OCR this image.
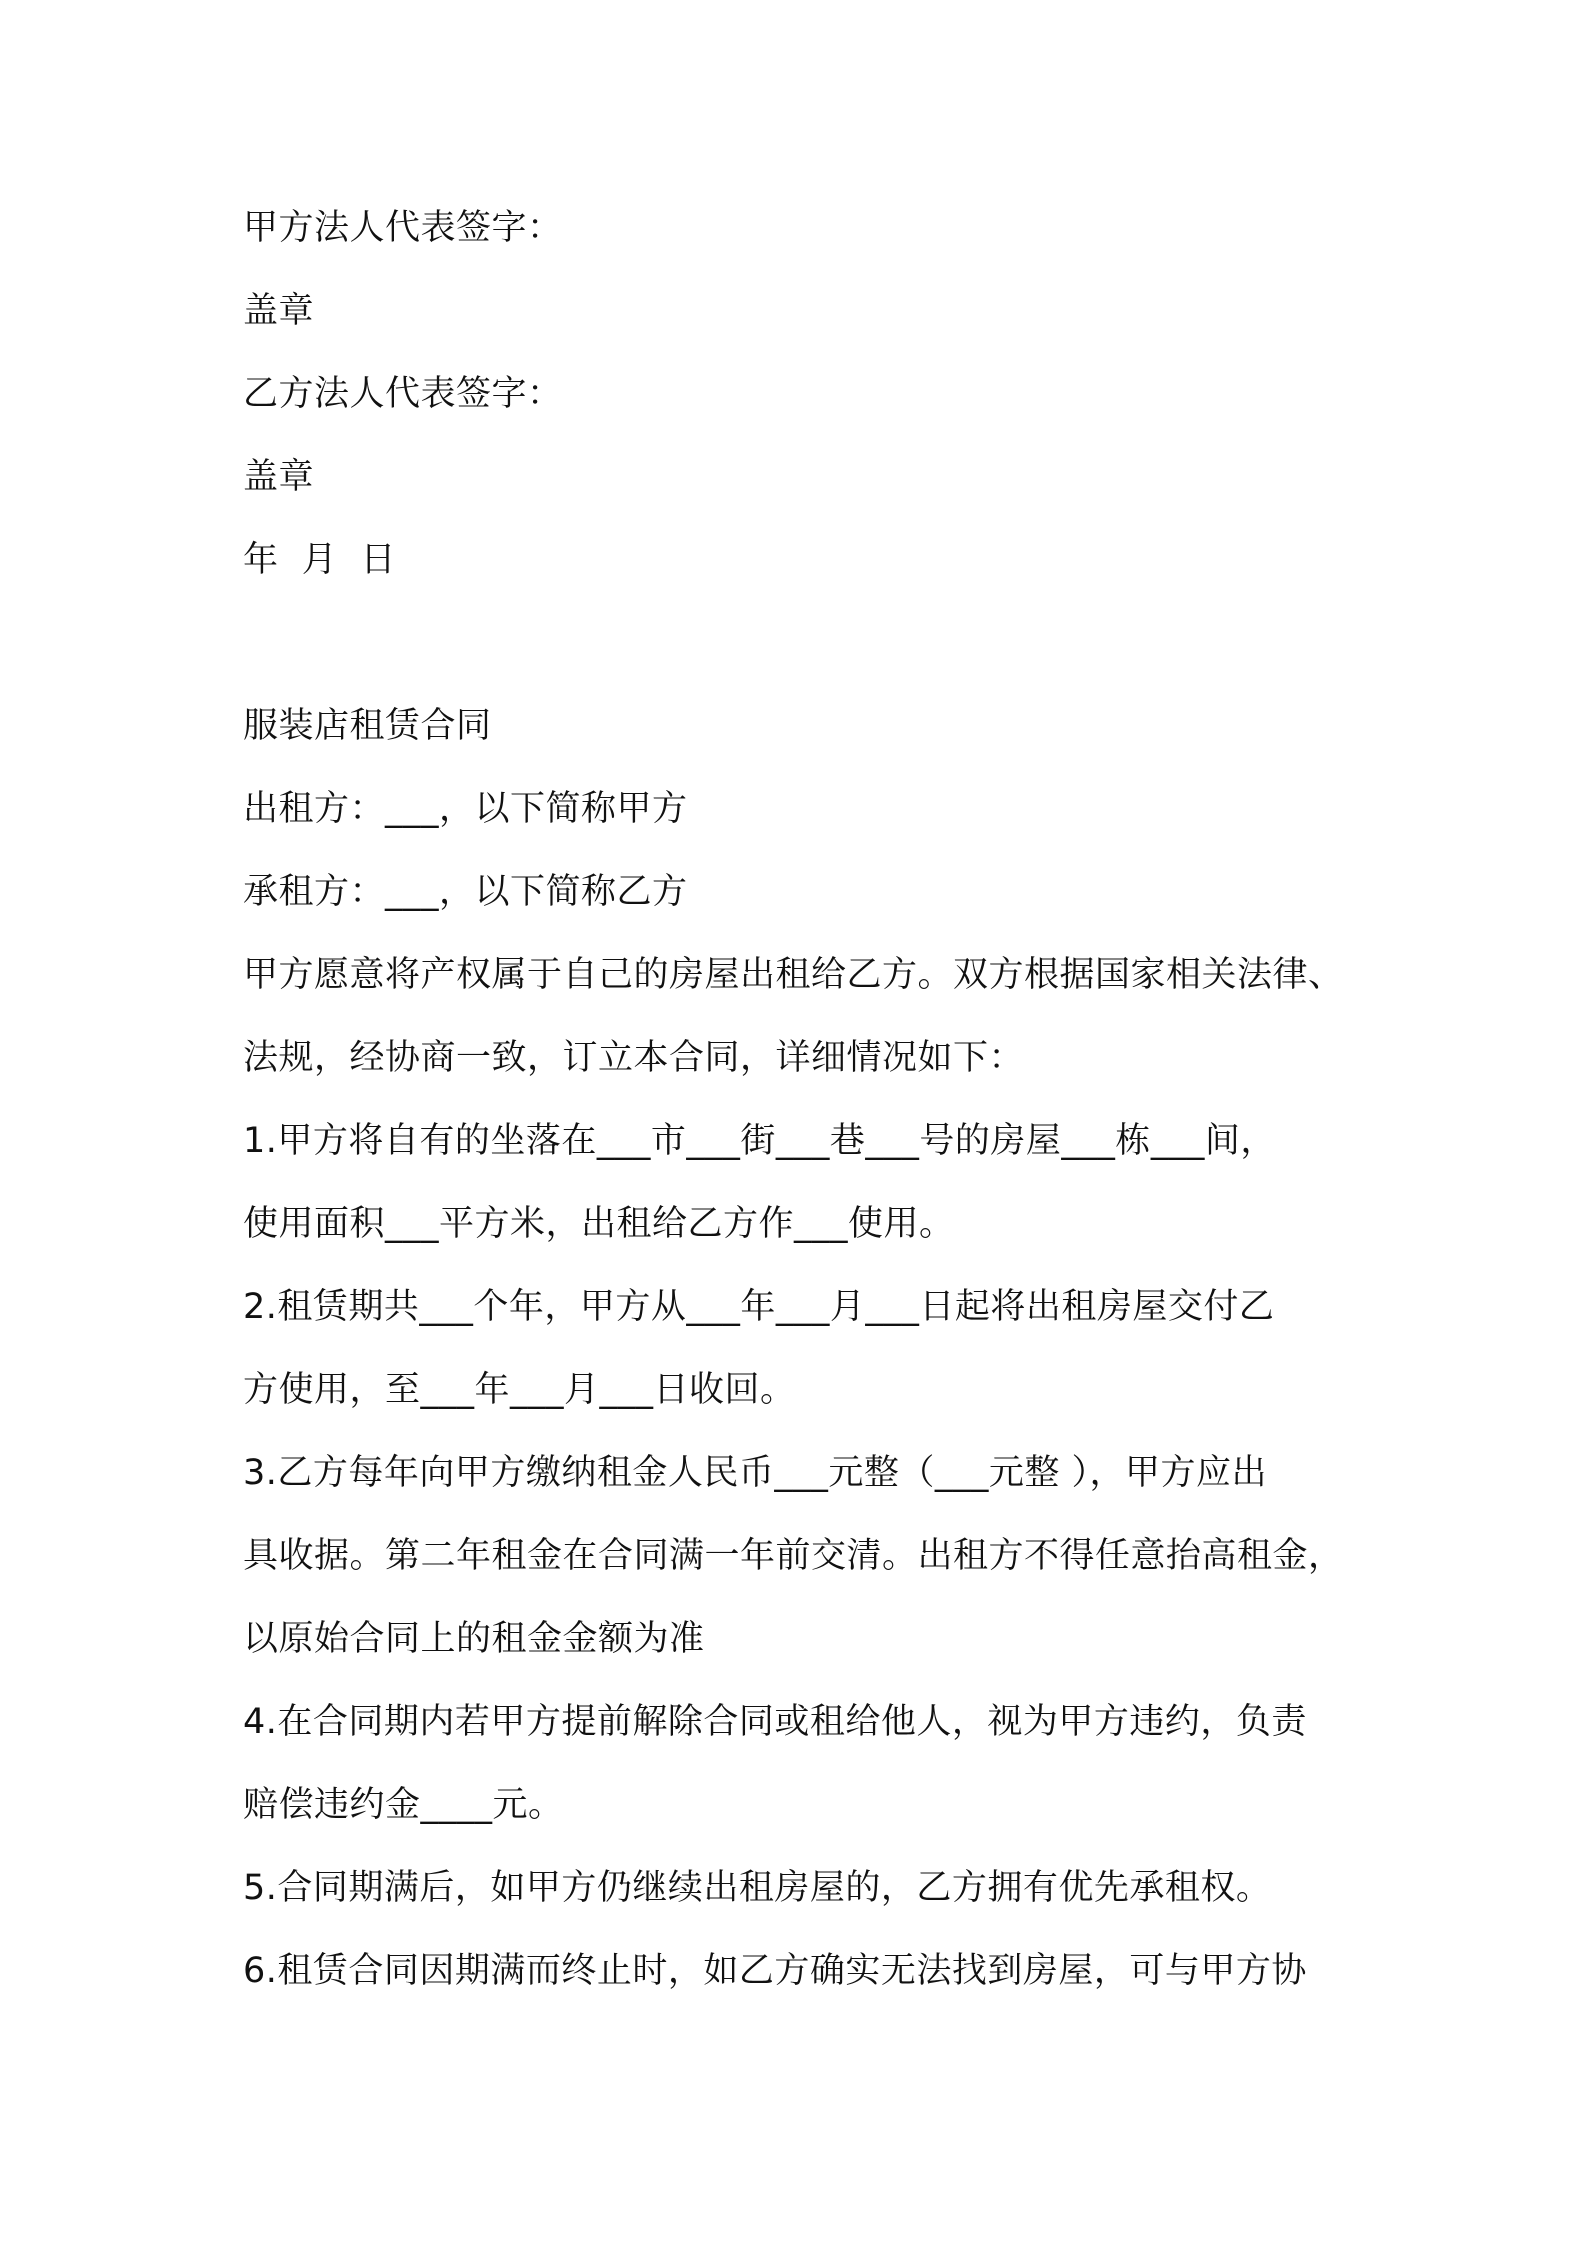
甲方法人代表签字：
盖章
乙方法人代表签字：
盖章
年  月  日
服装店租赁合同
出租方：___，以下简称甲方
承租方：___，以下简称乙方
甲方愿意将产权属于自己的房屋出租给乙方。双方根据国家相关法律、
法规，经协商一致，订立本合同，详细情况如下：
1.甲方将自有的坐落在___市___街___巷___号的房屋___栋___间，
使用面积___平方米，出租给乙方作___使用。
2.租赁期共___个年，甲方从___年___月___日起将出租房屋交付乙
方使用，至___年___月___日收回。
3.乙方每年向甲方缴纳租金人民币___元整（___元整 ），甲方应出
具收据。第二年租金在合同满一年前交清。出租方不得任意抬高租金，
以原始合同上的租金金额为准
4.在合同期内若甲方提前解除合同或租给他人，视为甲方违约，负责
赔偿违约金____元。
5.合同期满后，如甲方仍继续出租房屋的，乙方拥有优先承租权。
6.租赁合同因期满而终止时，如乙方确实无法找到房屋，可与甲方协
